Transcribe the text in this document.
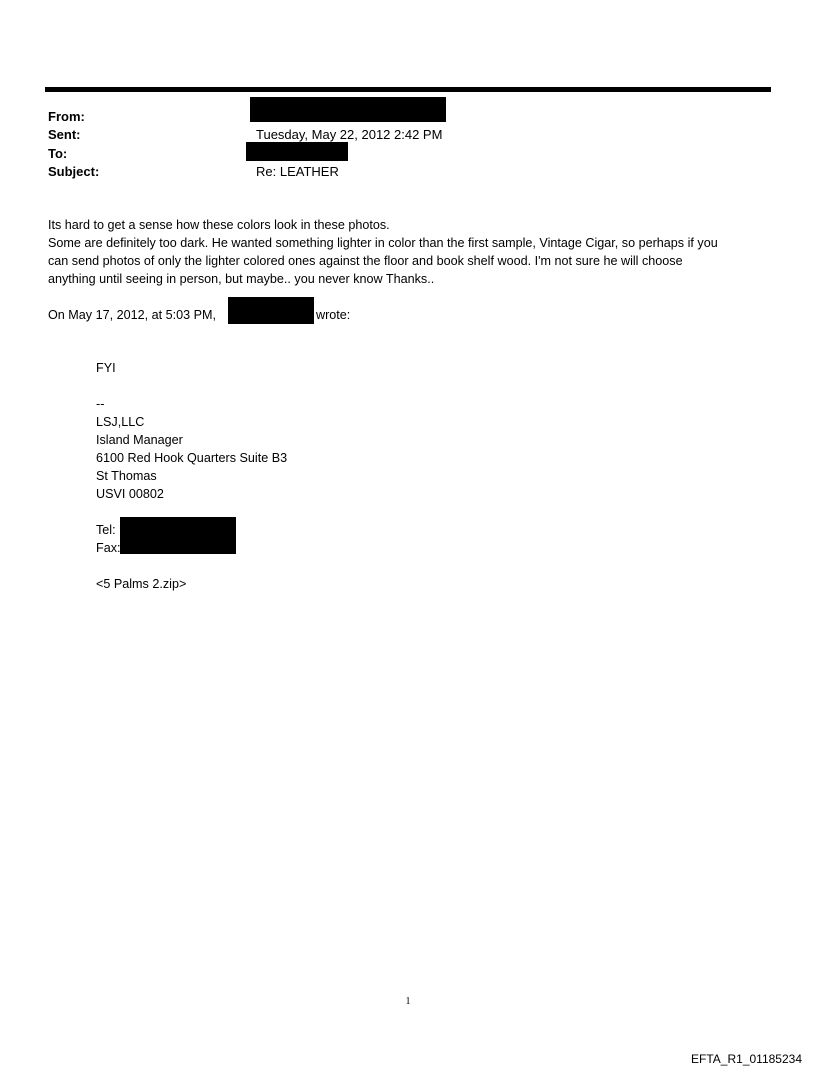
From:
Sent:	Tuesday, May 22, 2012 2:42 PM
To:
Subject:	Re: LEATHER
Its hard to get a sense how these colors look in these photos.
Some are definitely too dark. He wanted something lighter in color than the first sample, Vintage Cigar, so perhaps if you
can send photos of only the lighter colored ones against the floor and book shelf wood. I'm not sure he will choose
anything until seeing in person, but maybe.. you never know Thanks..
On May 17, 2012, at 5:03 PM,	wrote:
FYI
--
LSJ,LLC
Island Manager
6100 Red Hook Quarters Suite B3
St Thomas
USVI 00802
Tel:
Fax:
<5 Palms 2.zip>
1
EFTA_R1_01185234
